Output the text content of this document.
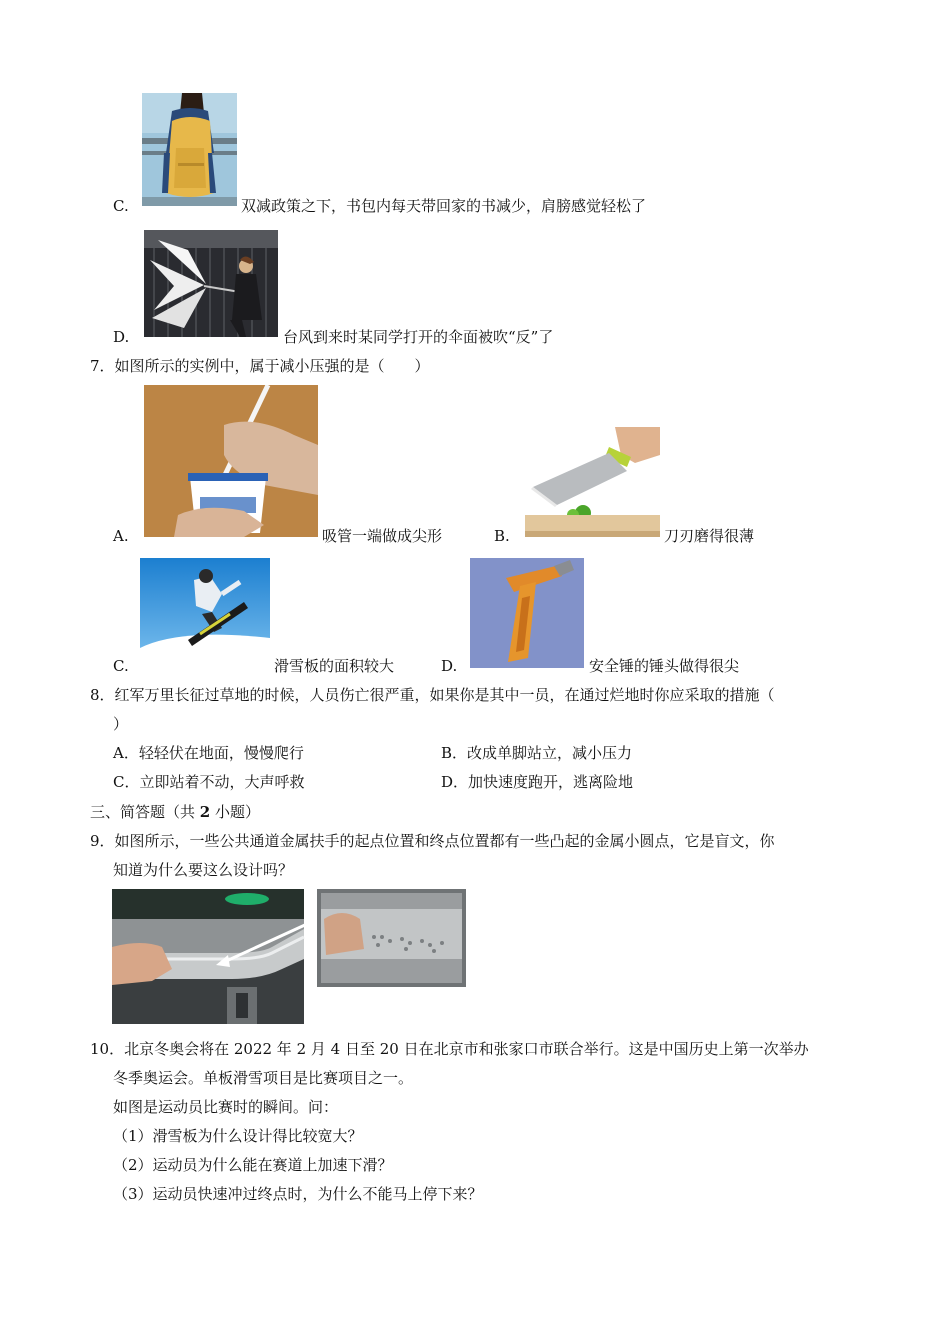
C.	双减政策之下，书包内每天带回家的书减少，肩膀感觉轻松了
D.	台风到来时某同学打开的伞面被吹“反”了
7．如图所示的实例中，属于减小压强的是（　　）
A.	吸管一端做成尖形	B.	刀刃磨得很薄
C.	滑雪板的面积较大	D.	安全锤的锤头做得很尖
8．红军万里长征过草地的时候，人员伤亡很严重，如果你是其中一员，在通过烂地时你应采取的措施（
）
A．轻轻伏在地面，慢慢爬行	B．改成单脚站立，减小压力
C．立即站着不动，大声呼救	D．加快速度跑开，逃离险地
三、简答题（共 2 小题）
9．如图所示，一些公共通道金属扶手的起点位置和终点位置都有一些凸起的金属小圆点，它是盲文，你
知道为什么要这么设计吗？
10．北京冬奥会将在 2022 年 2 月 4 日至 20 日在北京市和张家口市联合举行。这是中国历史上第一次举办
冬季奥运会。单板滑雪项目是比赛项目之一。
如图是运动员比赛时的瞬间。问：
（1）滑雪板为什么设计得比较宽大？
（2）运动员为什么能在赛道上加速下滑？
（3）运动员快速冲过终点时，为什么不能马上停下来？
